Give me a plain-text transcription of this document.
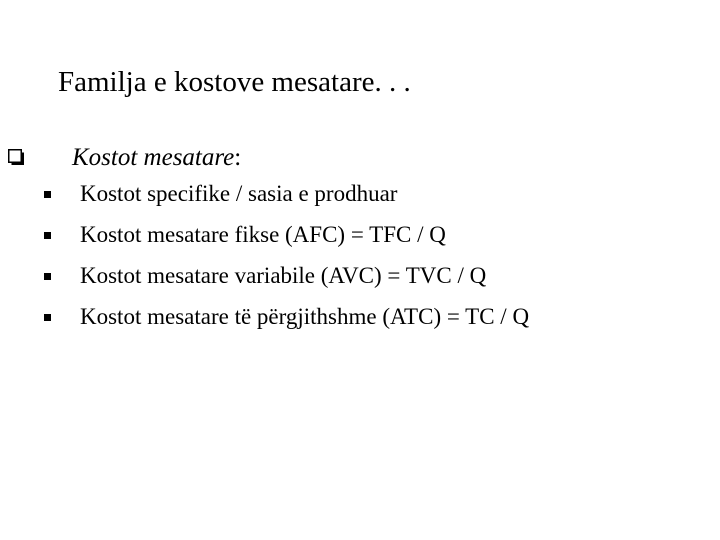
Familja e kostove mesatare. . .
Kostot mesatare:
Kostot specifike / sasia e prodhuar
Kostot mesatare fikse (AFC) = TFC / Q
Kostot mesatare variabile (AVC) = TVC / Q
Kostot mesatare të përgjithshme (ATC) = TC / Q
